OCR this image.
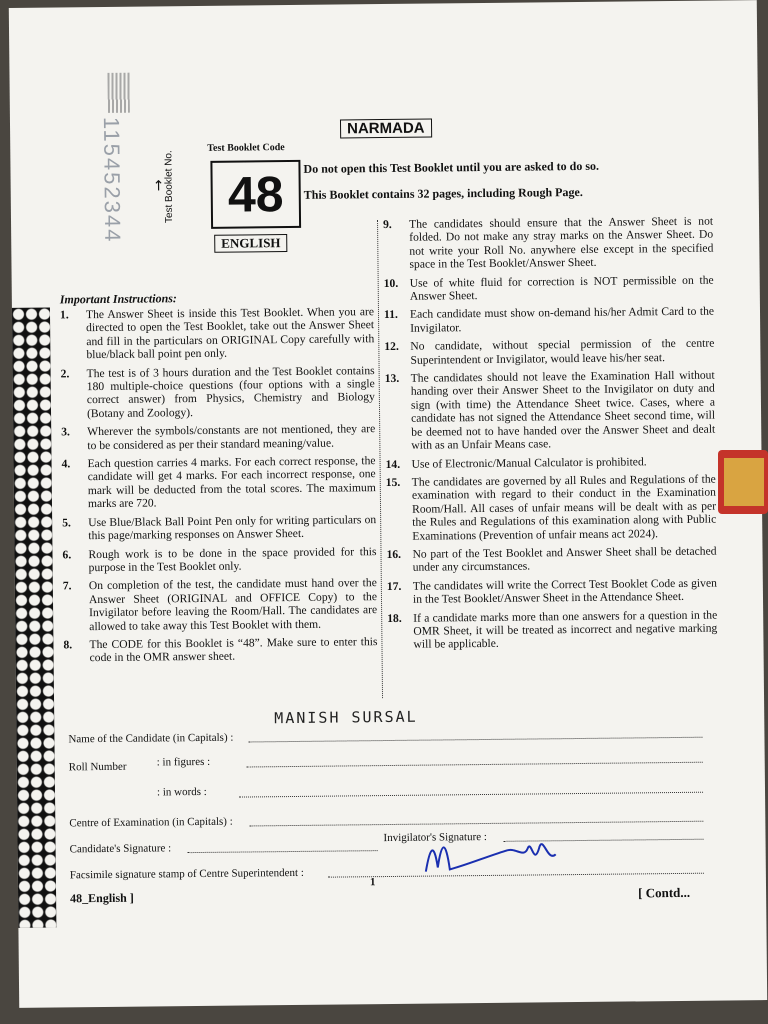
115452344	Test Booklet No.
↑
NARMADA
Test Booklet Code
48
ENGLISH
Do not open this Test Booklet until you are asked to do so.
This Booklet contains 32 pages, including Rough Page.
Important Instructions:
1.	The Answer Sheet is inside this Test Booklet. When you are directed to open the Test Booklet, take out the Answer Sheet and fill in the particulars on ORIGINAL Copy carefully with blue/black ball point pen only.
2.	The test is of 3 hours duration and the Test Booklet contains 180 multiple-choice questions (four options with a single correct answer) from Physics, Chemistry and Biology (Botany and Zoology).
3.	Wherever the symbols/constants are not mentioned, they are to be considered as per their standard meaning/value.
4.	Each question carries 4 marks. For each correct response, the candidate will get 4 marks. For each incorrect response, one mark will be deducted from the total scores. The maximum marks are 720.
5.	Use Blue/Black Ball Point Pen only for writing particulars on this page/marking responses on Answer Sheet.
6.	Rough work is to be done in the space provided for this purpose in the Test Booklet only.
7.	On completion of the test, the candidate must hand over the Answer Sheet (ORIGINAL and OFFICE Copy) to the Invigilator before leaving the Room/Hall. The candidates are allowed to take away this Test Booklet with them.
8.	The CODE for this Booklet is “48”. Make sure to enter this code in the OMR answer sheet.
9.	The candidates should ensure that the Answer Sheet is not folded. Do not make any stray marks on the Answer Sheet. Do not write your Roll No. anywhere else except in the specified space in the Test Booklet/Answer Sheet.
10. Use of white fluid for correction is NOT permissible on the Answer Sheet.
11.	Each candidate must show on-demand his/her Admit Card to the Invigilator.
12. No candidate, without special permission of the centre Superintendent or Invigilator, would leave his/her seat.
13. The candidates should not leave the Examination Hall without handing over their Answer Sheet to the Invigilator on duty and sign (with time) the Attendance Sheet twice. Cases, where a candidate has not signed the Attendance Sheet second time, will be deemed not to have handed over the Answer Sheet and dealt with as an Unfair Means case.
14. Use of Electronic/Manual Calculator is prohibited.
15. The candidates are governed by all Rules and Regulations of the examination with regard to their conduct in the Examination Room/Hall. All cases of unfair means will be dealt with as per the Rules and Regulations of this examination along with Public Examinations (Prevention of unfair means act 2024).
16. No part of the Test Booklet and Answer Sheet shall be detached under any circumstances.
17. The candidates will write the Correct Test Booklet Code as given in the Test Booklet/Answer Sheet in the Attendance Sheet.
18. If a candidate marks more than one answers for a question in the OMR Sheet, it will be treated as incorrect and negative marking will be applicable.
Name of the Candidate (in Capitals) :
MANISH SURSAL
Roll Number	: in figures :
: in words :
Centre of Examination (in Capitals) :
Candidate's Signature :
Invigilator's Signature :
Facsimile signature stamp of Centre Superintendent :
1
48_English ]	[ Contd...
